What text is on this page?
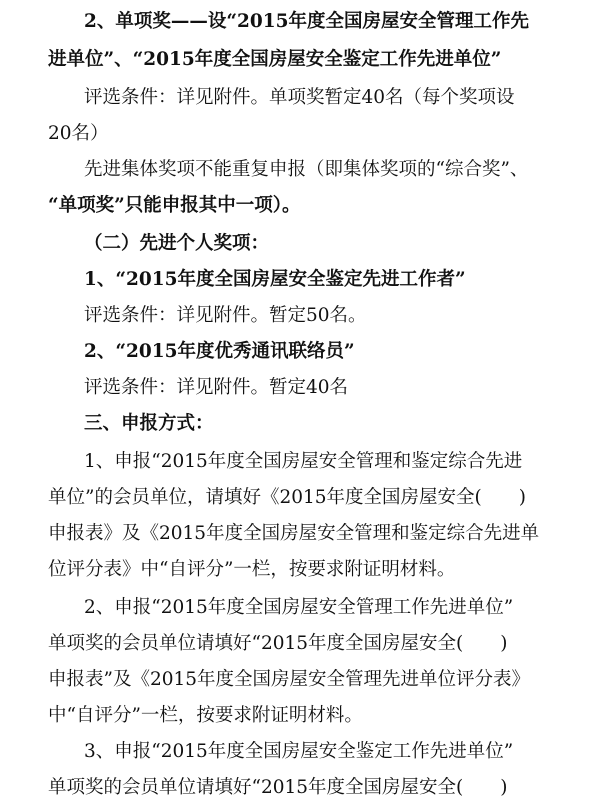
2、单项奖——设“2015年度全国房屋安全管理工作先
进单位”、“2015年度全国房屋安全鉴定工作先进单位”
评选条件：详见附件。单项奖暂定40名（每个奖项设
20名）
先进集体奖项不能重复申报（即集体奖项的“综合奖”、
“单项奖”只能申报其中一项）。
（二）先进个人奖项：
1、“2015年度全国房屋安全鉴定先进工作者”
评选条件：详见附件。暂定50名。
2、“2015年度优秀通讯联络员”
评选条件：详见附件。暂定40名
三、申报方式：
1、申报“2015年度全国房屋安全管理和鉴定综合先进
单位”的会员单位，请填好《2015年度全国房屋安全(　　)
申报表》及《2015年度全国房屋安全管理和鉴定综合先进单
位评分表》中“自评分”一栏，按要求附证明材料。
2、申报“2015年度全国房屋安全管理工作先进单位”
单项奖的会员单位请填好“2015年度全国房屋安全(　　)
申报表”及《2015年度全国房屋安全管理先进单位评分表》
中“自评分”一栏，按要求附证明材料。
3、申报“2015年度全国房屋安全鉴定工作先进单位”
单项奖的会员单位请填好“2015年度全国房屋安全(　　)
